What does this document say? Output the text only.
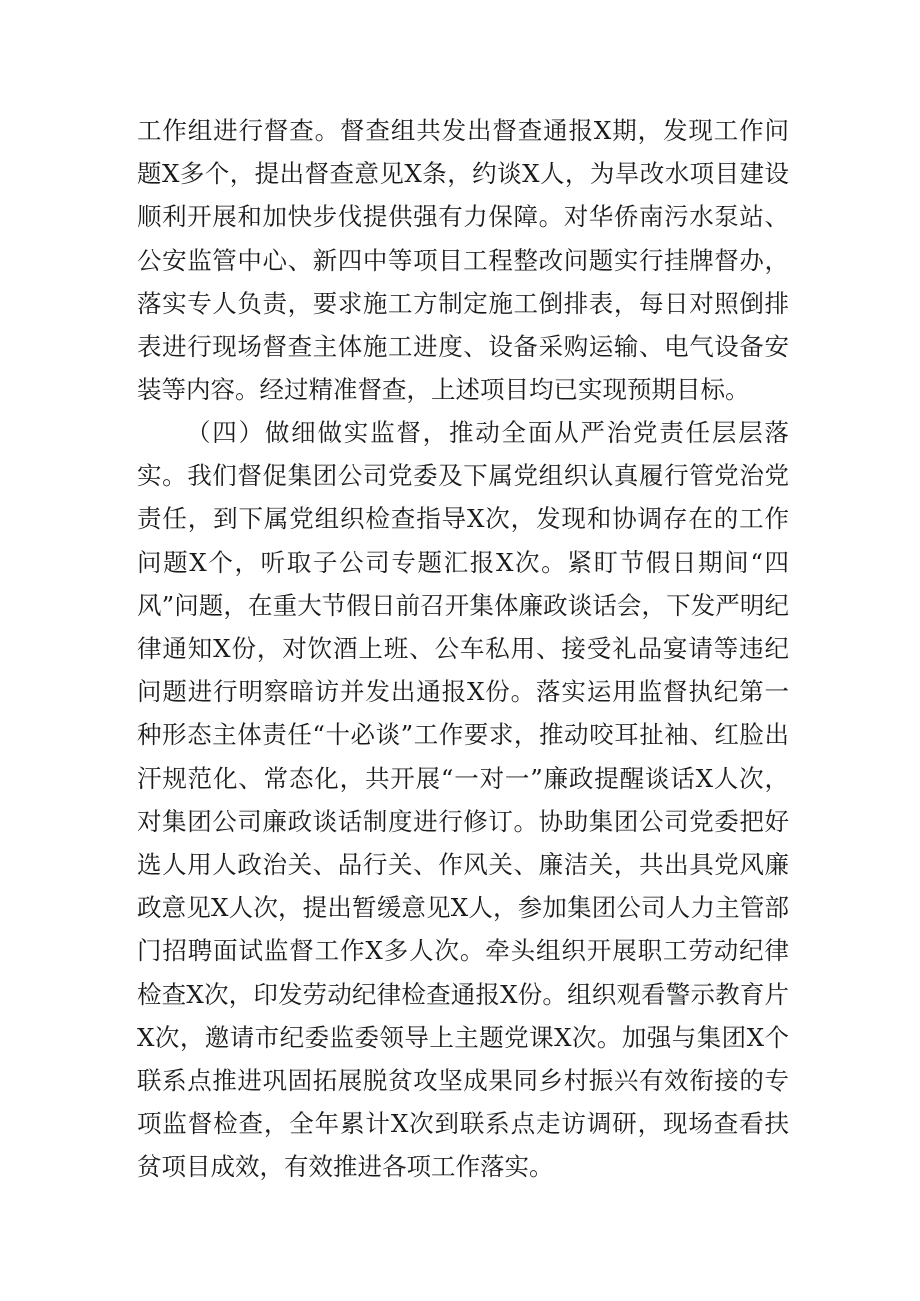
工作组进行督查。督查组共发出督查通报X期，发现工作问题X多个，提出督查意见X条，约谈X人，为旱改水项目建设顺利开展和加快步伐提供强有力保障。对华侨南污水泵站、公安监管中心、新四中等项目工程整改问题实行挂牌督办，落实专人负责，要求施工方制定施工倒排表，每日对照倒排表进行现场督查主体施工进度、设备采购运输、电气设备安装等内容。经过精准督查，上述项目均已实现预期目标。

（四）做细做实监督，推动全面从严治党责任层层落实。我们督促集团公司党委及下属党组织认真履行管党治党责任，到下属党组织检查指导X次，发现和协调存在的工作问题X个，听取子公司专题汇报X次。紧盯节假日期间“四风”问题，在重大节假日前召开集体廉政谈话会，下发严明纪律通知X份，对饮酒上班、公车私用、接受礼品宴请等违纪问题进行明察暗访并发出通报X份。落实运用监督执纪第一种形态主体责任“十必谈”工作要求，推动咬耳扯袖、红脸出汗规范化、常态化，共开展“一对一”廉政提醒谈话X人次，对集团公司廉政谈话制度进行修订。协助集团公司党委把好选人用人政治关、品行关、作风关、廉洁关，共出具党风廉政意见X人次，提出暂缓意见X人，参加集团公司人力主管部门招聘面试监督工作X多人次。牵头组织开展职工劳动纪律检查X次，印发劳动纪律检查通报X份。组织观看警示教育片X次，邀请市纪委监委领导上主题党课X次。加强与集团X个联系点推进巩固拓展脱贫攻坚成果同乡村振兴有效衔接的专项监督检查，全年累计X次到联系点走访调研，现场查看扶贫项目成效，有效推进各项工作落实。
